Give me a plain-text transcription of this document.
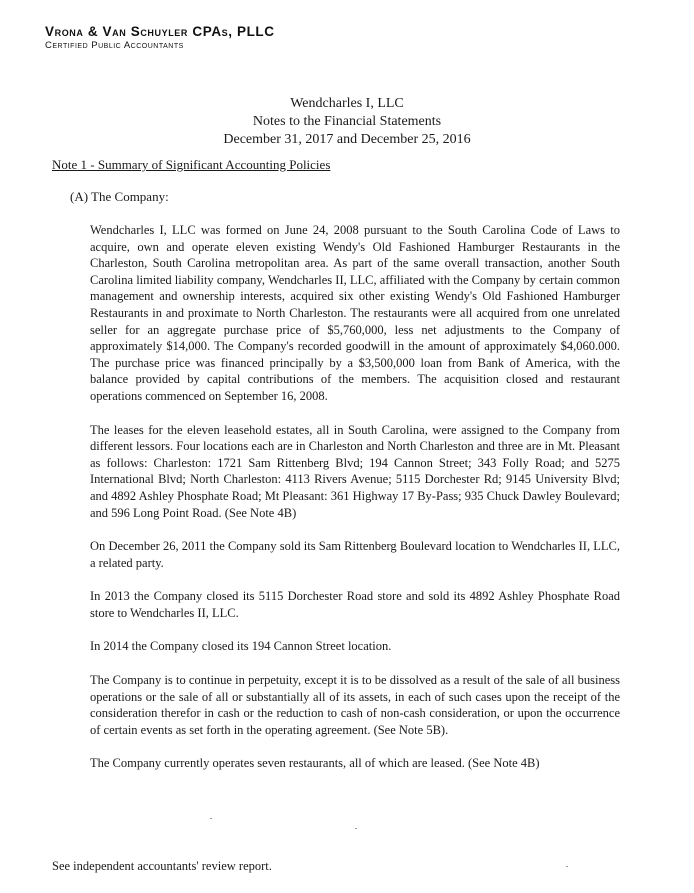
Vrona & Van Schuyler CPAs, PLLC
Certified Public Accountants
Wendcharles I, LLC
Notes to the Financial Statements
December 31, 2017 and December 25, 2016
Note 1 - Summary of Significant Accounting Policies
(A) The Company:

Wendcharles I, LLC was formed on June 24, 2008 pursuant to the South Carolina Code of Laws to acquire, own and operate eleven existing Wendy's Old Fashioned Hamburger Restaurants in the Charleston, South Carolina metropolitan area. As part of the same overall transaction, another South Carolina limited liability company, Wendcharles II, LLC, affiliated with the Company by certain common management and ownership interests, acquired six other existing Wendy's Old Fashioned Hamburger Restaurants in and proximate to North Charleston. The restaurants were all acquired from one unrelated seller for an aggregate purchase price of $5,760,000, less net adjustments to the Company of approximately $14,000. The Company's recorded goodwill in the amount of approximately $4,060.000. The purchase price was financed principally by a $3,500,000 loan from Bank of America, with the balance provided by capital contributions of the members. The acquisition closed and restaurant operations commenced on September 16, 2008.

The leases for the eleven leasehold estates, all in South Carolina, were assigned to the Company from different lessors. Four locations each are in Charleston and North Charleston and three are in Mt. Pleasant as follows: Charleston: 1721 Sam Rittenberg Blvd; 194 Cannon Street; 343 Folly Road; and 5275 International Blvd; North Charleston: 4113 Rivers Avenue; 5115 Dorchester Rd; 9145 University Blvd; and 4892 Ashley Phosphate Road; Mt Pleasant: 361 Highway 17 By-Pass; 935 Chuck Dawley Boulevard; and 596 Long Point Road. (See Note 4B)

On December 26, 2011 the Company sold its Sam Rittenberg Boulevard location to Wendcharles II, LLC, a related party.

In 2013 the Company closed its 5115 Dorchester Road store and sold its 4892 Ashley Phosphate Road store to Wendcharles II, LLC.

In 2014 the Company closed its 194 Cannon Street location.

The Company is to continue in perpetuity, except it is to be dissolved as a result of the sale of all business operations or the sale of all or substantially all of its assets, in each of such cases upon the receipt of the consideration therefor in cash or the reduction to cash of non-cash consideration, or upon the occurrence of certain events as set forth in the operating agreement. (See Note 5B).

The Company currently operates seven restaurants, all of which are leased. (See Note 4B)

See independent accountants' review report.
